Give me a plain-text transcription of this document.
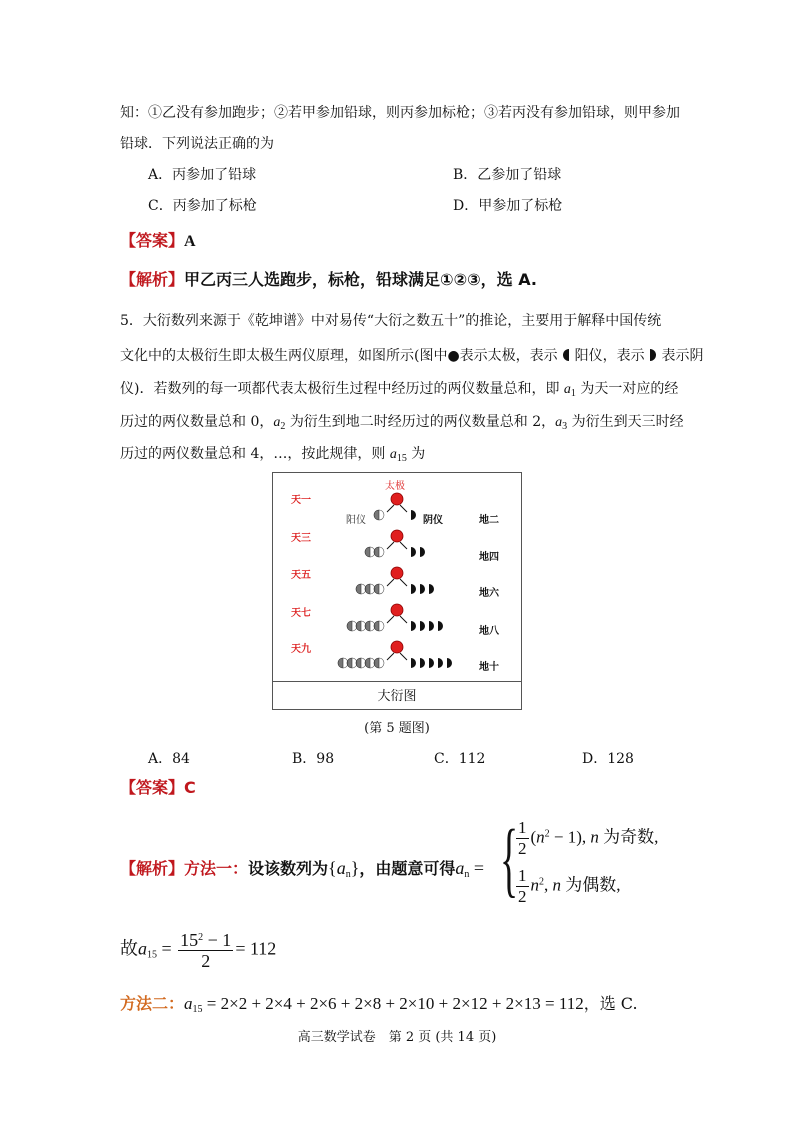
知：①乙没有参加跑步；②若甲参加铅球，则丙参加标枪；③若丙没有参加铅球，则甲参加
铅球．下列说法正确的为
A．丙参加了铅球	B．乙参加了铅球
C．丙参加了标枪	D．甲参加了标枪
【答案】A
【解析】甲乙丙三人选跑步，标枪，铅球满足①②③，选 A.
5．大衍数列来源于《乾坤谱》中对易传“大衍之数五十”的推论，主要用于解释中国传统
文化中的太极衍生即太极生两仪原理，如图所示(图中●表示太极，表示 阳仪，表示 表示阴
仪)．若数列的每一项都代表太极衍生过程中经历过的两仪数量总和，即 $a_1$ 为天一对应的经
历过的两仪数量总和 0，$a_2$ 为衍生到地二时经历过的两仪数量总和 2，$a_3$ 为衍生到天三时经
历过的两仪数量总和 4，…，按此规律，则 $a_{15}$ 为
太极
阳仪	阴仪
天一
天三
天五
天七
天九
地二
地四
地六
地八
地十
大衍图
(第 5 题图)
A．84	B．98	C．112	D．128
【答案】C
【解析】方法一：设该数列为$\{a_n\}$，由题意可得$a_n$ = {
$\frac{1}{2} (n^2 - 1)$, n 为奇数,
$\frac{1}{2} n^2$, n 为偶数,
故$a_{15} = \frac{15^2 - 1}{2} = 112$
方法二：$a_{15} = 2\times 2 + 2\times 4 + 2\times 6 + 2\times 8 + 2\times 10 + 2\times 12 + 2\times 13 = 112$，选 C.
高三数学试卷　第 2 页 (共 14 页)
